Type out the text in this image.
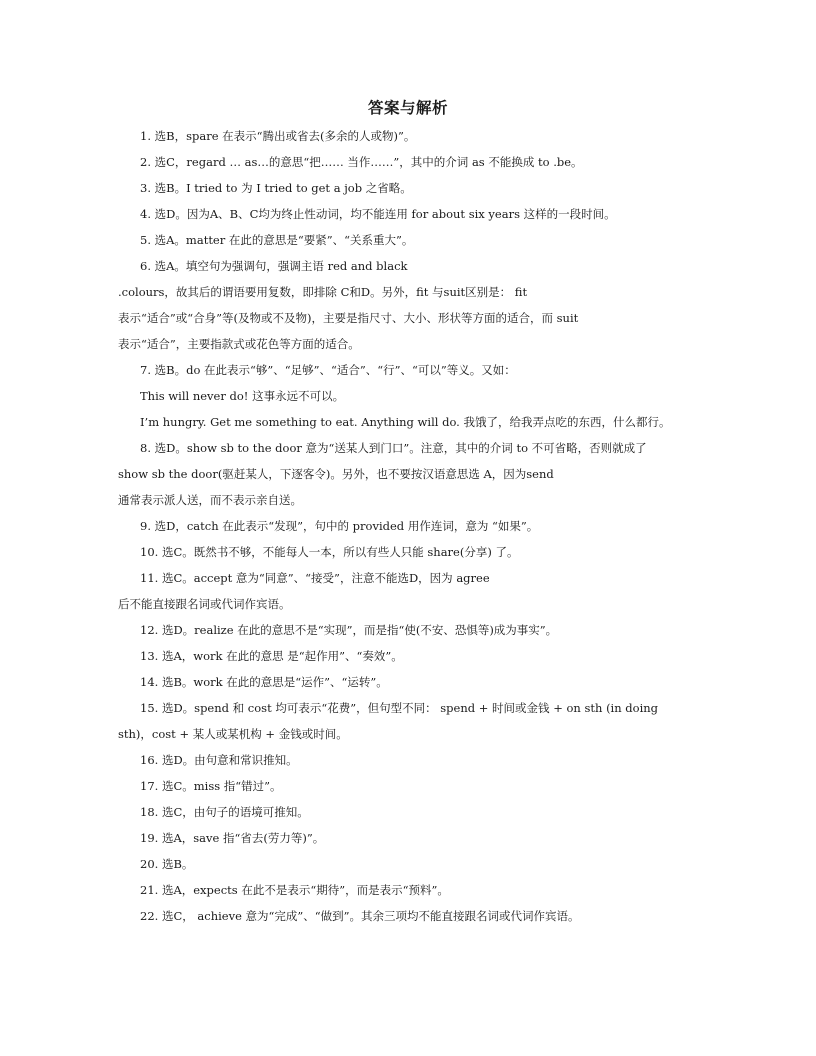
答案与解析
1. 选B，spare 在表示“腾出或省去(多余的人或物)”。
2. 选C，regard … as…的意思“把…… 当作……”，其中的介词 as 不能换成 to .be。
3. 选B。I tried to 为 I tried to get a job 之省略。
4. 选D。因为A、B、C均为终止性动词，均不能连用 for about six years 这样的一段时间。
5. 选A。matter 在此的意思是“要紧”、“关系重大”。
6. 选A。填空句为强调句，强调主语 red and black
.colours，故其后的谓语要用复数，即排除 C和D。另外，fit 与suit区别是： fit
表示“适合”或“合身”等(及物或不及物)，主要是指尺寸、大小、形状等方面的适合，而 suit
表示“适合”，主要指款式或花色等方面的适合。
7. 选B。do 在此表示“够”、“足够”、“适合”、“行”、“可以”等义。又如：
This will never do! 这事永远不可以。
I’m hungry. Get me something to eat. Anything will do. 我饿了，给我弄点吃的东西，什么都行。
8. 选D。show sb to the door 意为“送某人到门口”。注意，其中的介词 to 不可省略，否则就成了
show sb the door(驱赶某人，下逐客令)。另外，也不要按汉语意思选 A，因为send
通常表示派人送，而不表示亲自送。
9. 选D，catch 在此表示“发现”，句中的 provided 用作连词，意为 “如果”。
10. 选C。既然书不够，不能每人一本，所以有些人只能 share(分享) 了。
11. 选C。accept 意为“同意”、“接受”，注意不能选D，因为 agree
后不能直接跟名词或代词作宾语。
12. 选D。realize 在此的意思不是“实现”，而是指“使(不安、恐惧等)成为事实”。
13. 选A，work 在此的意思 是“起作用”、“奏效”。
14. 选B。work 在此的意思是“运作”、“运转”。
15. 选D。spend 和 cost 均可表示“花费”，但句型不同： spend + 时间或金钱 + on sth (in doing
sth)，cost + 某人或某机构 + 金钱或时间。
16. 选D。由句意和常识推知。
17. 选C。miss 指“错过”。
18. 选C，由句子的语境可推知。
19. 选A，save 指“省去(劳力等)”。
20. 选B。
21. 选A，expects 在此不是表示“期待”，而是表示“预料”。
22. 选C， achieve 意为“完成”、“做到”。其余三项均不能直接跟名词或代词作宾语。
